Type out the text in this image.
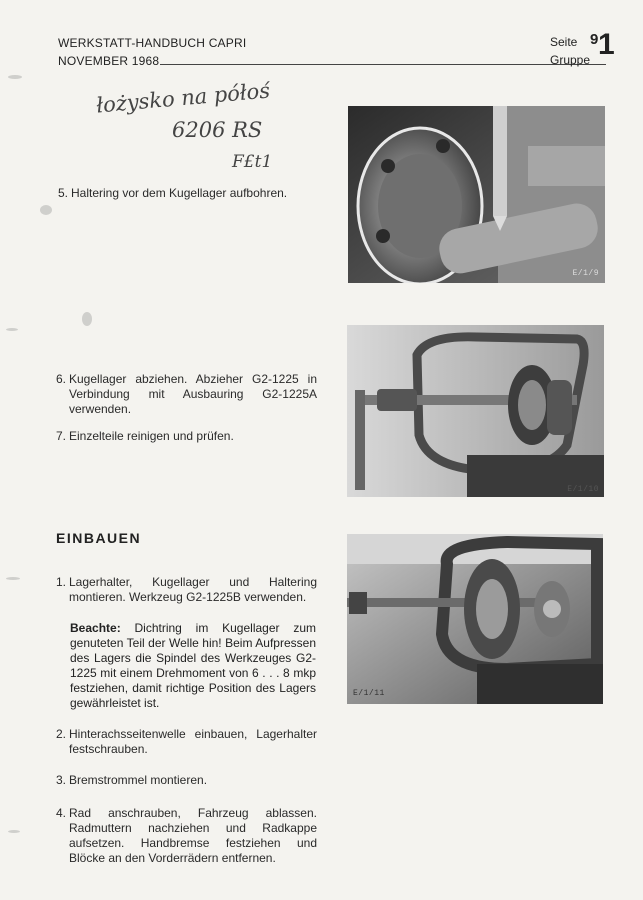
WERKSTATT-HANDBUCH CAPRI
NOVEMBER 1968
Seite 9
Gruppe 1
łożysko na półoś
6206 RS
F£t1
5. Haltering vor dem Kugellager aufbohren.
6. Kugellager abziehen. Abzieher G2-1225 in Verbindung mit Ausbauring G2-1225A verwenden.
7. Einzelteile reinigen und prüfen.
EINBAUEN
1. Lagerhalter, Kugellager und Haltering montieren. Werkzeug G2-1225B verwenden.
Beachte: Dichtring im Kugellager zum genuteten Teil der Welle hin! Beim Aufpressen des Lagers die Spindel des Werkzeuges G2-1225 mit einem Drehmoment von 6 . . . 8 mkp festziehen, damit richtige Position des Lagers gewährleistet ist.
2. Hinterachsseitenwelle einbauen, Lagerhalter festschrauben.
3. Bremstrommel montieren.
4. Rad anschrauben, Fahrzeug ablassen. Radmuttern nachziehen und Radkappe aufsetzen. Handbremse festziehen und Blöcke an den Vorderrädern entfernen.
E/1/9
E/1/10
E/1/11
